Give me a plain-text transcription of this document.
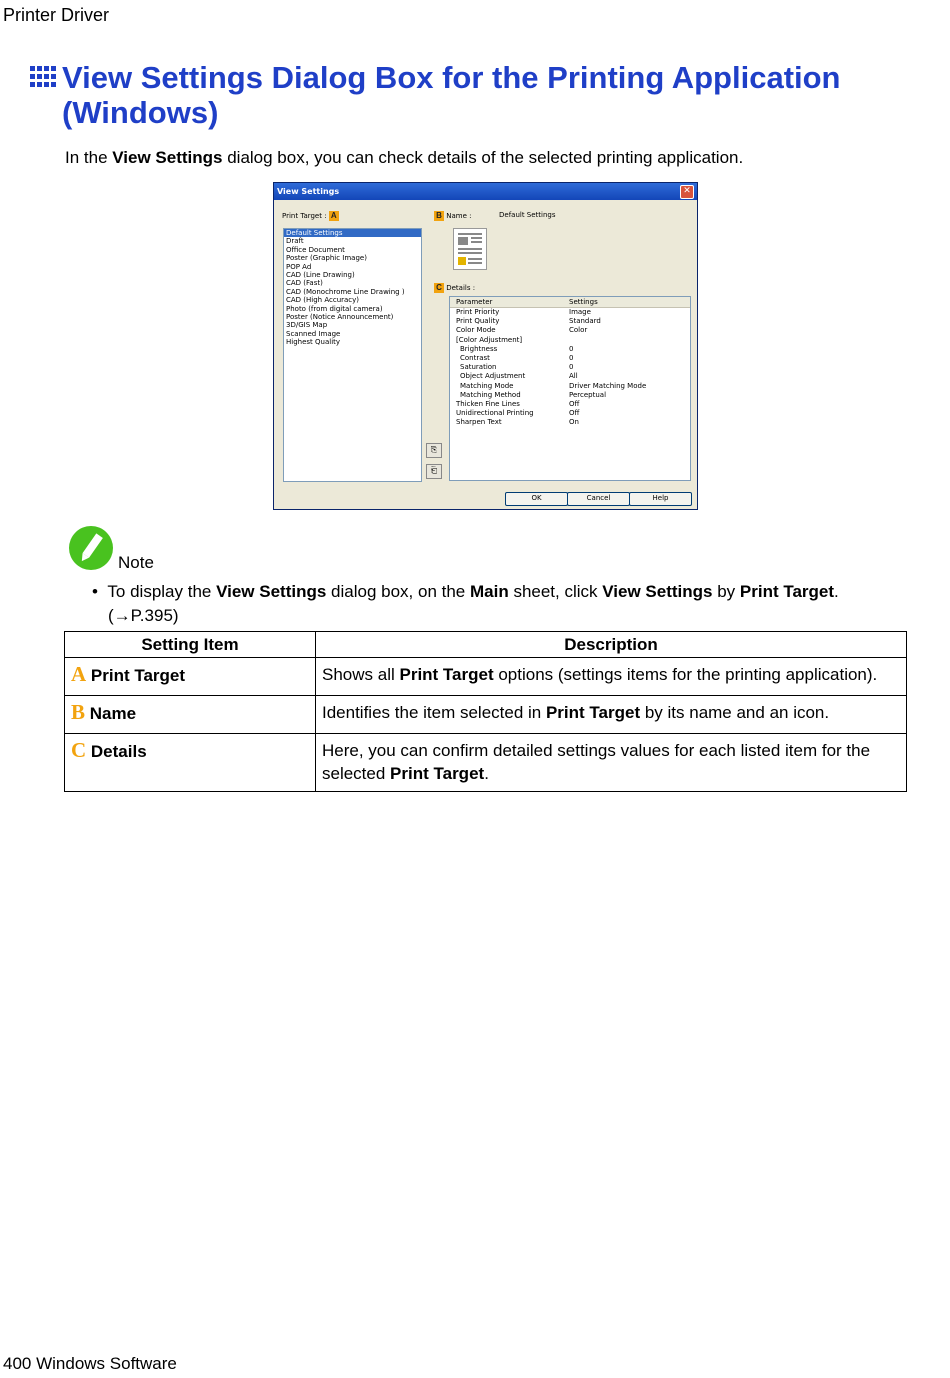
Printer Driver
View Settings Dialog Box for the Printing Application (Windows)
In the View Settings dialog box, you can check details of the selected printing application.
View Settings	✕
Print Target : A	B Name :	Default Settings
Default Settings
Draft
Office Document
Poster (Graphic Image)
POP Ad
CAD (Line Drawing)
CAD (Fast)
CAD (Monochrome Line Drawing )
CAD (High Accuracy)
Photo (from digital camera)
Poster (Notice Announcement)
3D/GIS Map
Scanned Image
Highest Quality
C Details :
⎘
⎗
Parameter	Settings
Print Priority	Image
Print Quality	Standard
Color Mode	Color
[Color Adjustment]
Brightness	0
Contrast	0
Saturation	0
Object Adjustment	All
Matching Mode	Driver Matching Mode
Matching Method	Perceptual
Thicken Fine Lines	Off
Unidirectional Printing	Off
Sharpen Text	On
OK	Cancel	Help
Note
•  To display the View Settings dialog box, on the Main sheet, click View Settings by Print Target.
(→P.395)
Setting Item	Description
A Print Target	Shows all Print Target options (settings items for the printing application).
B Name	Identifies the item selected in Print Target by its name and an icon.
C Details	Here, you can confirm detailed settings values for each listed item for the selected Print Target.
400 Windows Software
